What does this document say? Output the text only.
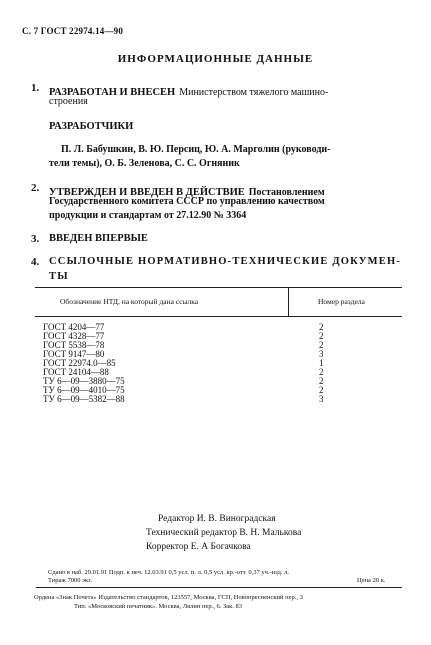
С. 7 ГОСТ 22974.14—90
ИНФОРМАЦИОННЫЕ ДАННЫЕ
1. РАЗРАБОТАН И ВНЕСЕН Министерством тяжелого машино-
строения
РАЗРАБОТЧИКИ
П. Л. Бабушкин, В. Ю. Персиц, Ю. А. Марголин (руководи-
тели темы), О. Б. Зеленова, С. С. Огняник
2. УТВЕРЖДЕН И ВВЕДЕН В ДЕЙСТВИЕ Постановлением
Государственного комитета СССР по управлению качеством
продукции и стандартам от 27.12.90 № 3364
3. ВВЕДЕН ВПЕРВЫЕ
4. ССЫЛОЧНЫЕ НОРМАТИВНО-ТЕХНИЧЕСКИЕ ДОКУМЕН-
ТЫ
Обозначение НТД, на который дана ссылка	Номер раздела
ГОСТ 4204—77	2
ГОСТ 4328—77	2
ГОСТ 5538—78	2
ГОСТ 9147—80	3
ГОСТ 22974.0—85	1
ГОСТ 24104—88	2
ТУ 6—09—3880—75	2
ТУ 6—09—4010—75	2
ТУ 6—09—5382—88	3
Редактор И. В. Виноградская
Технический редактор В. Н. Малькова
Корректор Е. А Богачкова
Сдано в наб. 29.01.91 Подп. к печ. 12.03.91 0,5 усл. п. л. 0,5 усл. кр.-отт. 0,37 уч.-изд. л.
Тираж 7000 экз.	Цена 20 к.
Ордена «Знак Почета» Издательство стандартов, 123557, Москва, ГСП, Новопресненский пер., 3
Тип. «Московский печатник». Москва, Лялин пер., 6. Зак. 83
